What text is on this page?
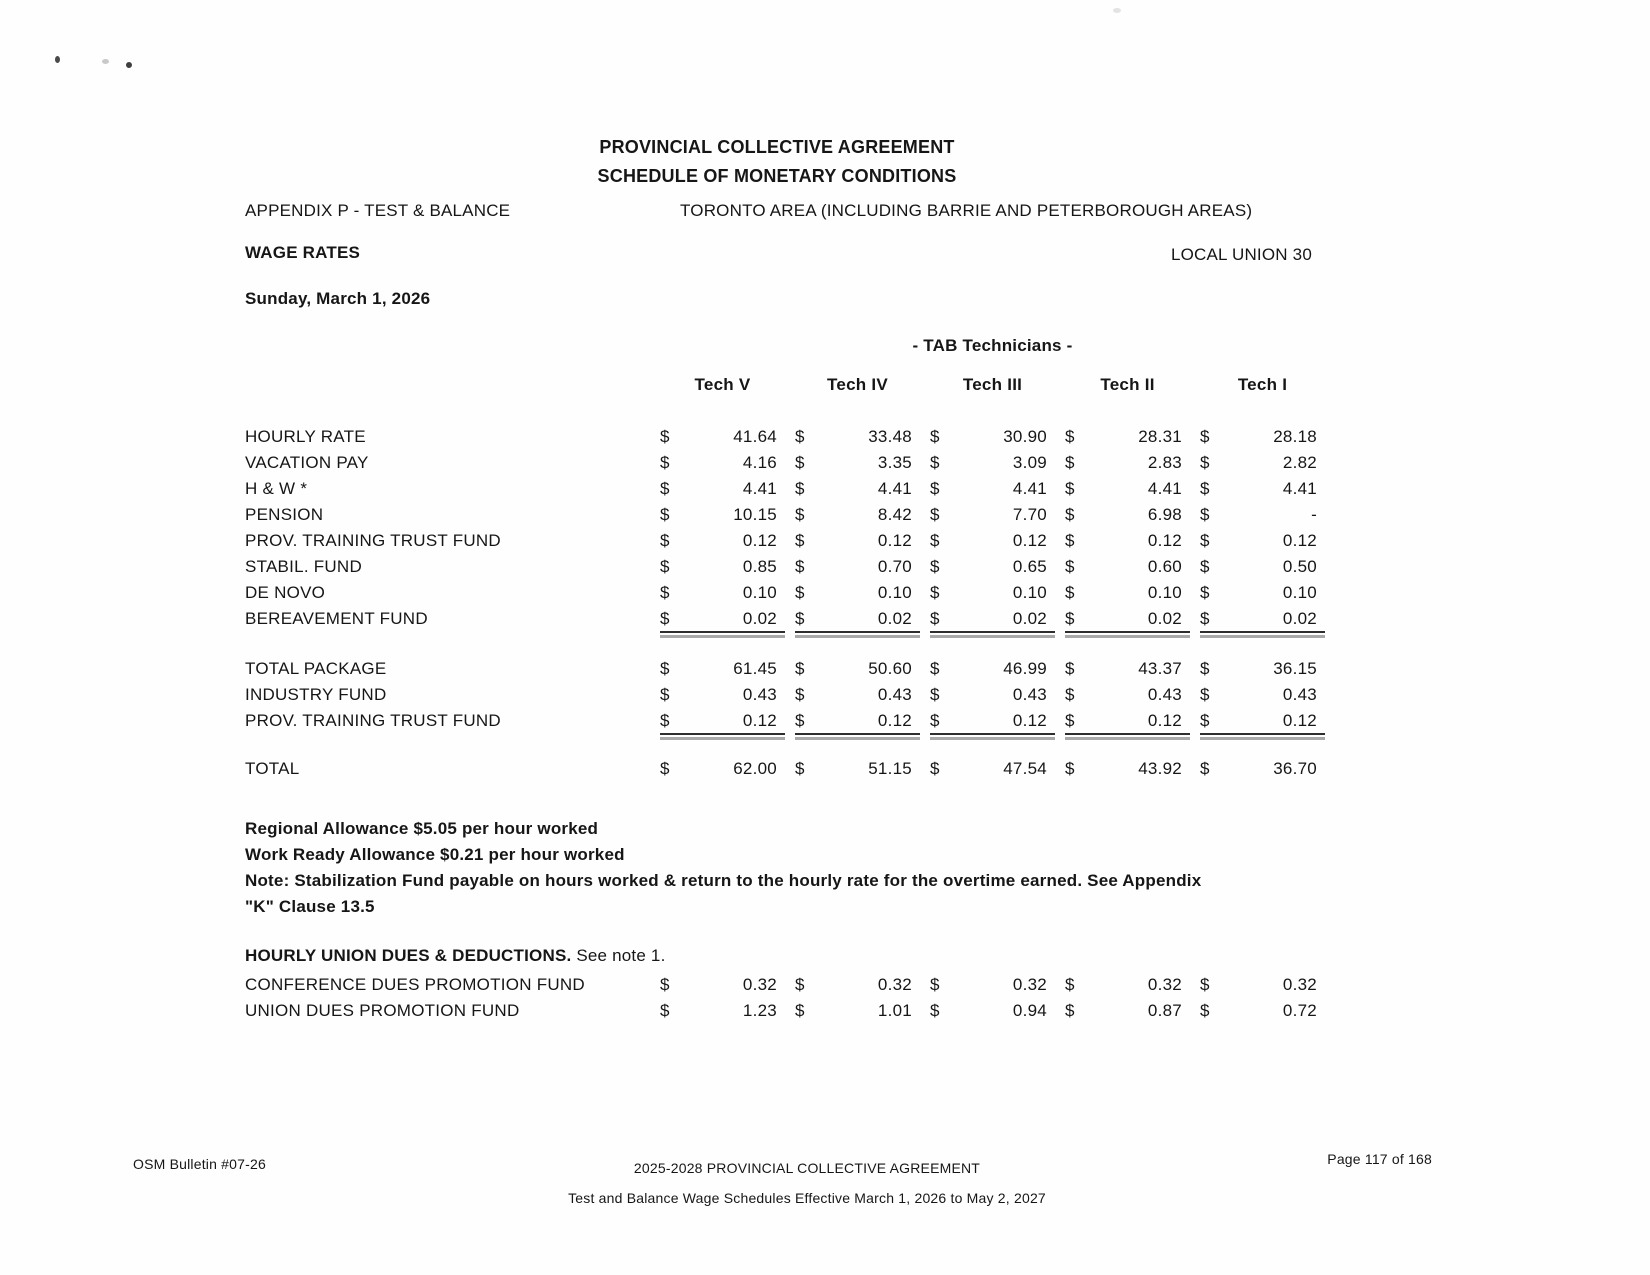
PROVINCIAL COLLECTIVE AGREEMENT
SCHEDULE OF MONETARY CONDITIONS
APPENDIX P - TEST & BALANCE	TORONTO AREA (INCLUDING BARRIE AND PETERBOROUGH AREAS)
WAGE RATES	LOCAL UNION 30
Sunday, March 1, 2026
- TAB Technicians -
	Tech V			Tech IV			Tech III			Tech II			Tech I	

HOURLY RATE	$	41.64		$	33.48		$	30.90		$	28.31		$	28.18
VACATION PAY	$	4.16		$	3.35		$	3.09		$	2.83		$	2.82
H & W *	$	4.41		$	4.41		$	4.41		$	4.41		$	4.41
PENSION	$	10.15		$	8.42		$	7.70		$	6.98		$	-
PROV. TRAINING TRUST FUND	$	0.12		$	0.12		$	0.12		$	0.12		$	0.12
STABIL. FUND	$	0.85		$	0.70		$	0.65		$	0.60		$	0.50
DE NOVO	$	0.10		$	0.10		$	0.10		$	0.10		$	0.10
BEREAVEMENT FUND	$	0.02		$	0.02		$	0.02		$	0.02		$	0.02

TOTAL PACKAGE	$	61.45		$	50.60		$	46.99		$	43.37		$	36.15
INDUSTRY FUND	$	0.43		$	0.43		$	0.43		$	0.43		$	0.43
PROV. TRAINING TRUST FUND	$	0.12		$	0.12		$	0.12		$	0.12		$	0.12

TOTAL	$	62.00		$	51.15		$	47.54		$	43.92		$	36.70
Regional Allowance $5.05 per hour worked
Work Ready Allowance $0.21 per hour worked
Note: Stabilization Fund payable on hours worked & return to the hourly rate for the overtime earned. See Appendix
"K" Clause 13.5
HOURLY UNION DUES & DEDUCTIONS. See note 1.
CONFERENCE DUES PROMOTION FUND	$	0.32		$	0.32		$	0.32		$	0.32		$	0.32
UNION DUES PROMOTION FUND	$	1.23		$	1.01		$	0.94		$	0.87		$	0.72
OSM Bulletin #07-26	2025-2028 PROVINCIAL COLLECTIVE AGREEMENT
Test and Balance Wage Schedules Effective March 1, 2026 to May 2, 2027
Page 117 of 168
